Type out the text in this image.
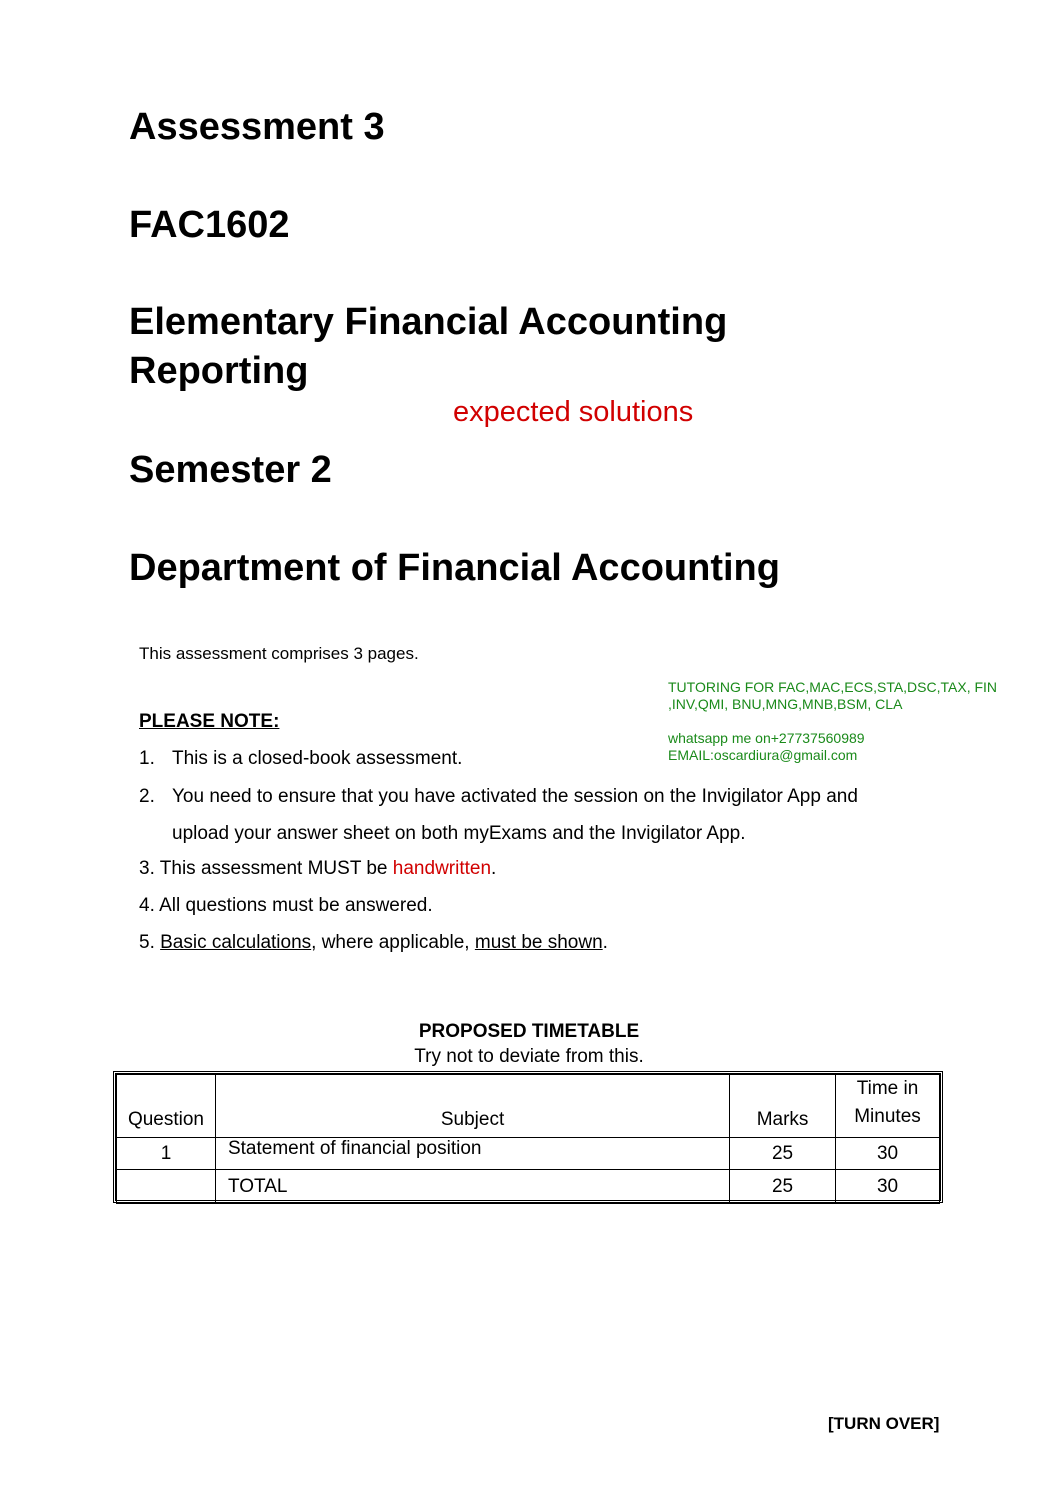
Assessment 3
FAC1602
Elementary Financial Accounting
Reporting
expected solutions
Semester 2
Department of Financial Accounting
This assessment comprises 3 pages.
TUTORING FOR FAC,MAC,ECS,STA,DSC,TAX, FIN
,INV,QMI, BNU,MNG,MNB,BSM, CLA
whatsapp me on+27737560989
EMAIL:oscardiura@gmail.com
PLEASE NOTE:
1. This is a closed-book assessment.
2. You need to ensure that you have activated the session on the Invigilator App and
upload your answer sheet on both myExams and the Invigilator App.
3. This assessment MUST be handwritten.
4. All questions must be answered.
5. Basic calculations, where applicable, must be shown.
PROPOSED TIMETABLE
Try not to deviate from this.
Question	Subject	Marks	Time in
Minutes

1	Statement of financial position	25	30
	TOTAL	25	30
[TURN OVER]
